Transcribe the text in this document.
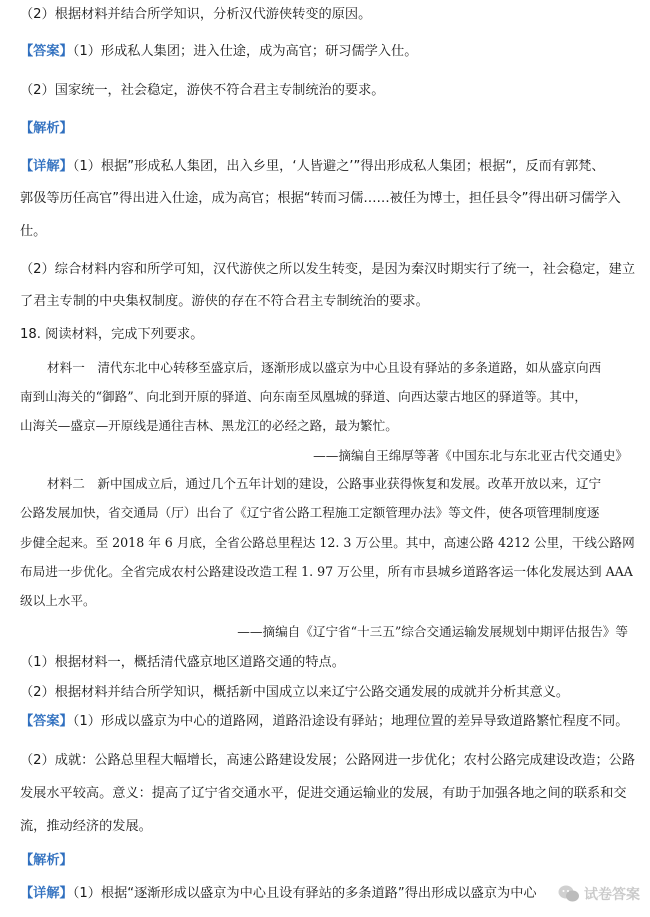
（2）根据材料并结合所学知识，分析汉代游侠转变的原因。
【答案】（1）形成私人集团；进入仕途，成为高官；研习儒学入仕。
（2）国家统一，社会稳定，游侠不符合君主专制统治的要求。
【解析】
【详解】（1）根据”形成私人集团，出入乡里，‘人皆避之’”得出形成私人集团；根据“，反而有郭梵、
郭伋等历任高官”得出进入仕途，成为高官；根据“转而习儒……被任为博士，担任县令”得出研习儒学入
仕。
（2）综合材料内容和所学可知，汉代游侠之所以发生转变，是因为秦汉时期实行了统一，社会稳定，建立
了君主专制的中央集权制度。游侠的存在不符合君主专制统治的要求。
18. 阅读材料，完成下列要求。
材料一　清代东北中心转移至盛京后，逐渐形成以盛京为中心且设有驿站的多条道路，如从盛京向西
南到山海关的“御路”、向北到开原的驿道、向东南至凤凰城的驿道、向西达蒙古地区的驿道等。其中，
山海关—盛京—开原线是通往吉林、黑龙江的必经之路，最为繁忙。
——摘编自王绵厚等著《中国东北与东北亚古代交通史》
材料二　新中国成立后，通过几个五年计划的建设，公路事业获得恢复和发展。改革开放以来，辽宁
公路发展加快，省交通局（厅）出台了《辽宁省公路工程施工定额管理办法》等文件，使各项管理制度逐
步健全起来。至 2018 年 6 月底，全省公路总里程达 12. 3 万公里。其中，高速公路 4212 公里，干线公路网
布局进一步优化。全省完成农村公路建设改造工程 1. 97 万公里，所有市县城乡道路客运一体化发展达到 AAA
级以上水平。
——摘编自《辽宁省“十三五”综合交通运输发展规划中期评估报告》等
（1）根据材料一，概括清代盛京地区道路交通的特点。
（2）根据材料并结合所学知识，概括新中国成立以来辽宁公路交通发展的成就并分析其意义。
【答案】（1）形成以盛京为中心的道路网，道路沿途设有驿站；地理位置的差异导致道路繁忙程度不同。
（2）成就：公路总里程大幅增长，高速公路建设发展；公路网进一步优化；农村公路完成建设改造；公路
发展水平较高。意义：提高了辽宁省交通水平，促进交通运输业的发展，有助于加强各地之间的联系和交
流，推动经济的发展。
【解析】
【详解】（1）根据“逐渐形成以盛京为中心且设有驿站的多条道路”得出形成以盛京为中心	试卷答案
